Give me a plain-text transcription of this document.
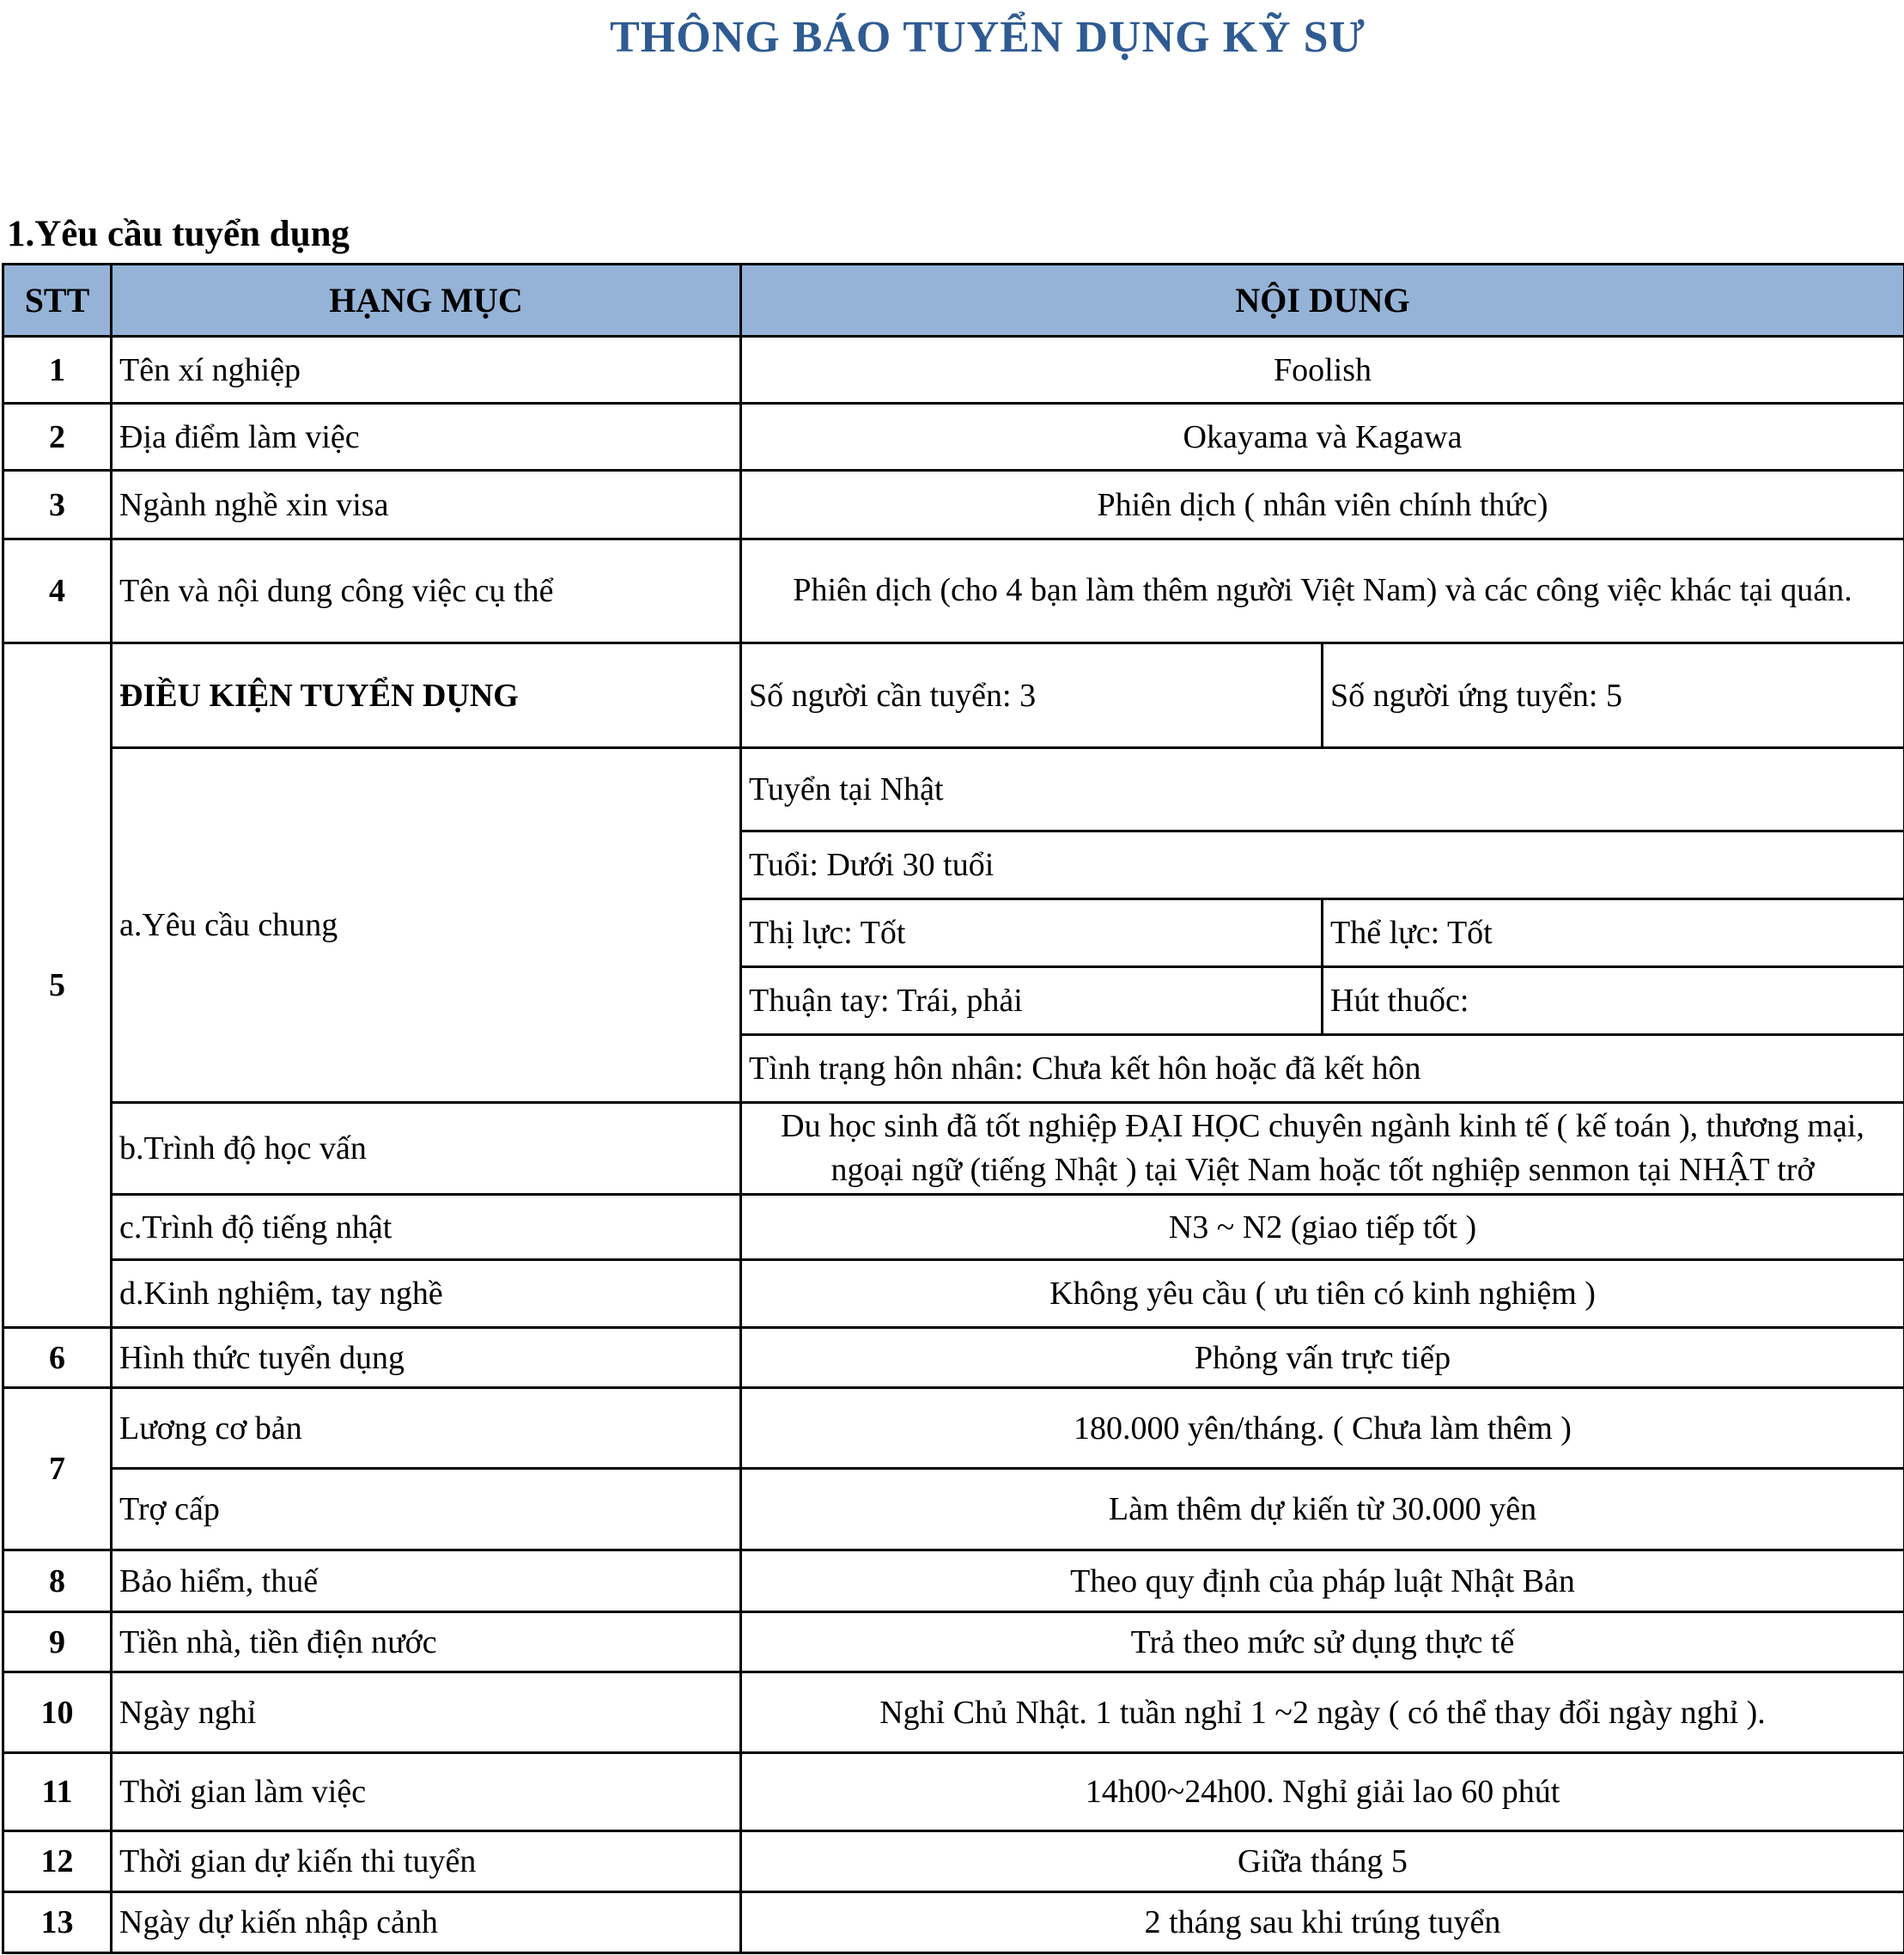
THÔNG BÁO TUYỂN DỤNG KỸ SƯ
1.Yêu cầu tuyển dụng
STT	HẠNG MỤC	NỘI DUNG	
1	Tên xí nghiệp	Foolish	
2	Địa điểm làm việc	Okayama và Kagawa	
3	Ngành nghề xin visa	Phiên dịch ( nhân viên chính thức)	
4	Tên và nội dung công việc cụ thể	Phiên dịch (cho 4 bạn làm thêm người Việt Nam) và các công việc khác tại quán.	
5	ĐIỀU KIỆN TUYỂN DỤNG	Số người cần tuyển: 3	Số người ứng tuyển: 5
	a.Yêu cầu chung	Tuyển tại Nhật	
		Tuổi: Dưới 30 tuổi	
		Thị lực: Tốt	Thể lực: Tốt
		Thuận tay: Trái, phải	Hút thuốc:
		Tình trạng hôn nhân: Chưa kết hôn hoặc đã kết hôn	
	b.Trình độ học vấn	Du học sinh đã tốt nghiệp ĐẠI HỌC chuyên ngành kinh tế ( kế toán ), thương mại, ngoại ngữ (tiếng Nhật ) tại Việt Nam hoặc tốt nghiệp senmon tại NHẬT trở	
	c.Trình độ tiếng nhật	N3 ~ N2 (giao tiếp tốt )	
	d.Kinh nghiệm, tay nghề	Không yêu cầu ( ưu tiên có kinh nghiệm )	

6	Hình thức tuyển dụng	Phỏng vấn trực tiếp	
7	Lương cơ bản	180.000 yên/tháng. ( Chưa làm thêm )	
	Trợ cấp	Làm thêm dự kiến từ 30.000 yên	
8	Bảo hiểm, thuế	Theo quy định của pháp luật Nhật Bản	
9	Tiền nhà, tiền điện nước	Trả theo mức sử dụng thực tế	
10	Ngày nghỉ	Nghỉ Chủ Nhật. 1 tuần nghỉ 1 ~2 ngày ( có thể thay đổi ngày nghỉ ).	
11	Thời gian làm việc	14h00~24h00. Nghỉ giải lao 60 phút	
12	Thời gian dự kiến thi tuyển	Giữa tháng 5	
13	Ngày dự kiến nhập cảnh	2 tháng sau khi trúng tuyển	
